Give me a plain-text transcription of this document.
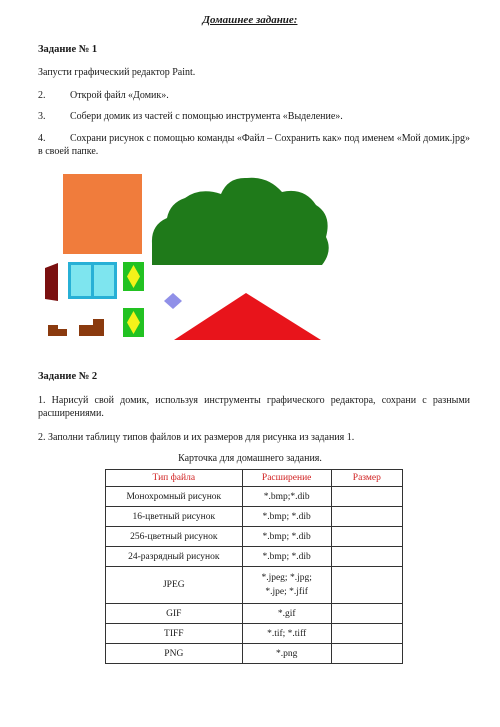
Домашнее задание:
Задание № 1
Запусти графический редактор Paint.
2. Открой файл «Домик».
3. Собери домик из частей с помощью инструмента «Выделение».
4. Сохрани рисунок с помощью команды «Файл – Сохранить как» под именем «Мой домик.jpg» в своей папке.
Задание № 2
1. Нарисуй свой домик, используя инструменты графического редактора, сохрани с разными расширениями.
2. Заполни таблицу типов файлов и их размеров для рисунка из задания 1.
Карточка для домашнего задания.
Тип файла	Расширение	Размер
Монохромный рисунок	*.bmp;*.dib	

16-цветный рисунок	*.bmp; *.dib	

256-цветный рисунок	*.bmp; *.dib	

24-разрядный рисунок	*.bmp; *.dib	

JPEG	*.jpeg; *.jpg;
*.jpe; *.jfif	

GIF	*.gif	

TIFF	*.tif; *.tiff	

PNG	*.png	
